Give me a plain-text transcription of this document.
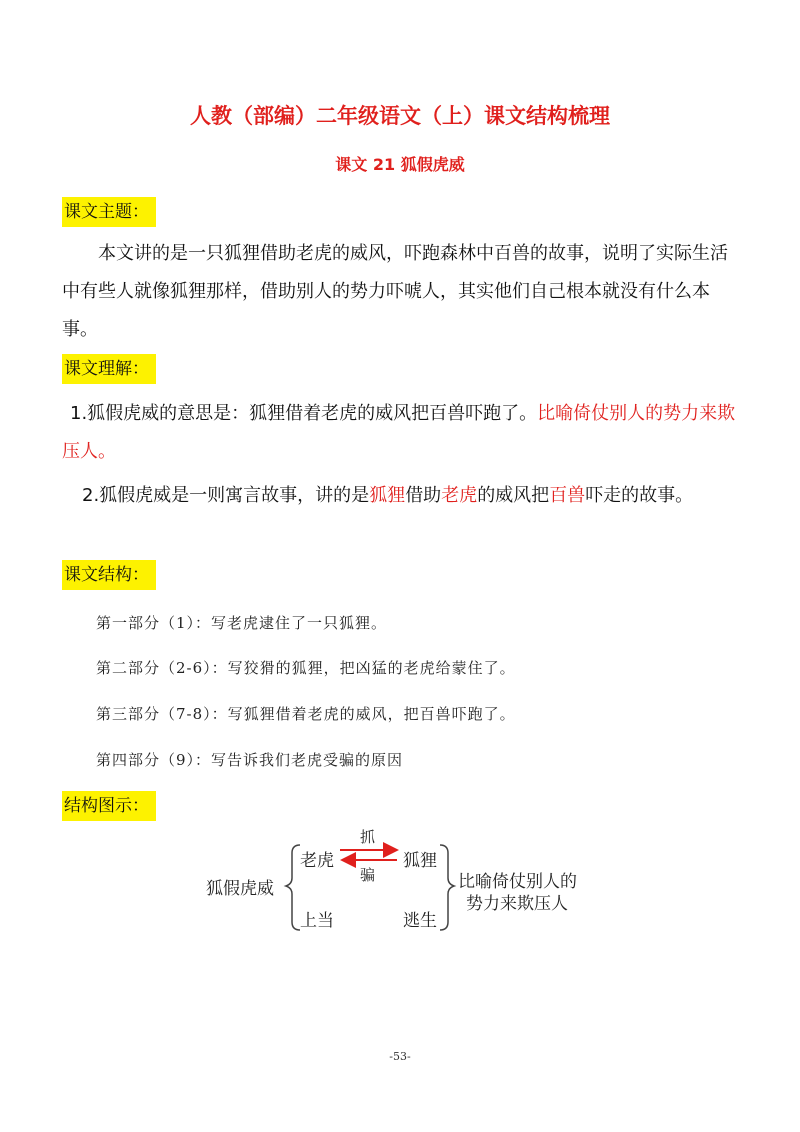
人教（部编）二年级语文（上）课文结构梳理
课文 21 狐假虎威
课文主题：
本文讲的是一只狐狸借助老虎的威风，吓跑森林中百兽的故事，说明了实际生活中有些人就像狐狸那样，借助别人的势力吓唬人，其实他们自己根本就没有什么本事。
课文理解：
1.狐假虎威的意思是：狐狸借着老虎的威风把百兽吓跑了。比喻倚仗别人的势力来欺压人。
2.狐假虎威是一则寓言故事，讲的是狐狸借助老虎的威风把百兽吓走的故事。
课文结构：
第一部分（1）：写老虎逮住了一只狐狸。
第二部分（2-6）：写狡猾的狐狸，把凶猛的老虎给蒙住了。
第三部分（7-8）：写狐狸借着老虎的威风，把百兽吓跑了。
第四部分（9）：写告诉我们老虎受骗的原因
结构图示：
狐假虎威
老虎	狐狸
抓
骗
上当	逃生
比喻倚仗别人的
势力来欺压人
-53-
